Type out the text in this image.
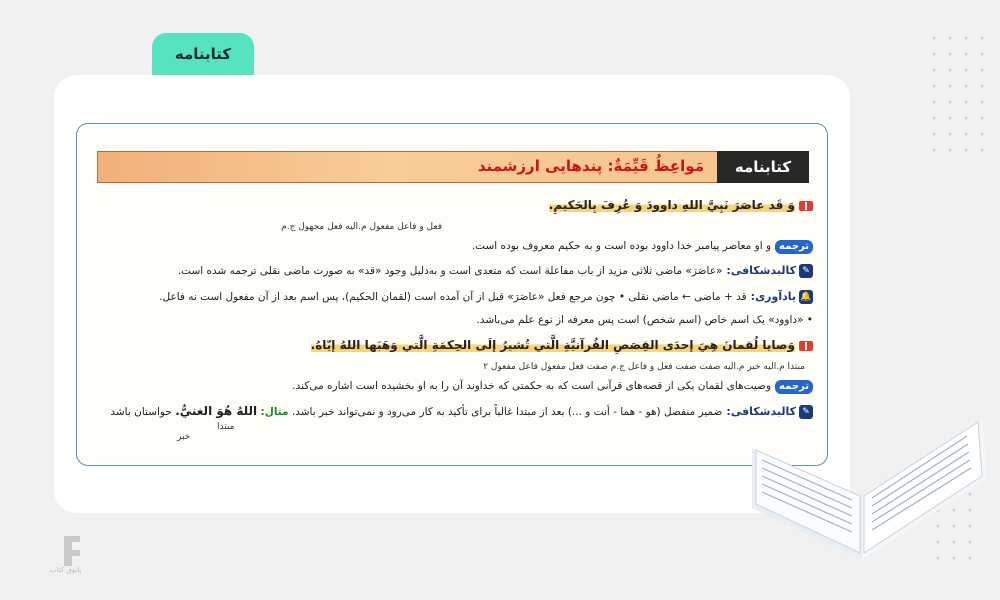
کتابنامه
کتابنامه
مَواعِظُ قَيِّمَةٌ: پندهایی ارزشمند
وَ قَد عاصَرَ نَبِيَّ اللهِ داوودَ وَ عُرِفَ بِالحَكيمِ.
فعل و فاعل مفعول م.اليه فعل مجهول ج.م
ترجمهو او معاصر پیامبر خدا داوود بوده است و به حکیم معروف بوده است.
✎کالبدشکافی:«عاصَرَ» ماضی ثلاثی مزید از باب مفاعلة است که متعدی است و به‌دلیل وجود «قد» به صورت ماضی نقلی ترجمه شده است.
🔔یادآوری:قد + ماضی ← ماضی نقلی • چون مرجع فعل «عاصَرَ» قبل از آن آمده است (لقمان الحكيم)، پس اسم بعد از آن مفعول است نه فاعل.
• «داوود» یک اسم خاص (اسم شخص) است پس معرفه از نوع علم می‌باشد.
وَصايا لُقمانَ هِيَ إحدَى القِصَصِ القُرآنيَّةِ الَّتي تُشيرُ إلَى الحِكمَةِ الَّتي وَهَبَها اللهُ إيّاهُ.
مبتدا م.اليه خبر م.اليه صفت صفت فعل و فاعل ج.م صفت فعل مفعول فاعل مفعول ۲
ترجمهوصیت‌های لقمان یکی از قصه‌های قرآنی است که به حکمتی که خداوند آن را به او بخشیده است اشاره می‌کند.
✎کالبدشکافی:ضمیر منفصل (هو - هما - أنت و ...) بعد از مبتدا غالباً برای تأکید به کار می‌رود و نمی‌تواند خبر باشد. مثال: اللهُ هُوَ الغنيُّ. حواستان باشد
مبتدا
خبر
پاتوق کتاب
